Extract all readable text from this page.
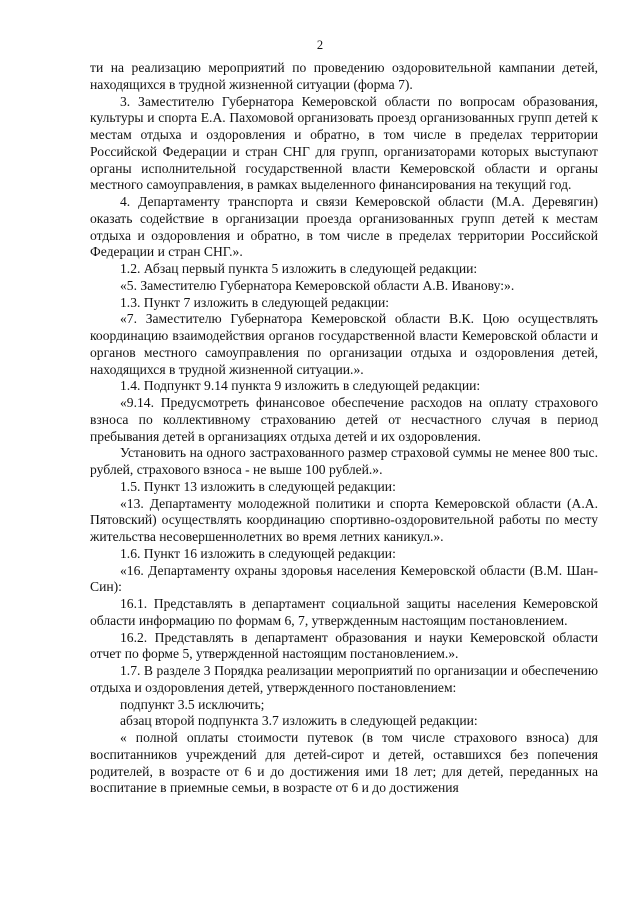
2

ти на реализацию мероприятий по проведению оздоровительной кампании детей, находящихся в трудной жизненной ситуации (форма 7).

3. Заместителю Губернатора Кемеровской области по вопросам образования, культуры и спорта Е.А. Пахомовой организовать проезд организованных групп детей к местам отдыха и оздоровления и обратно, в том числе в пределах территории Российской Федерации и стран СНГ для групп, организаторами которых выступают органы исполнительной государственной власти Кемеровской области и органы местного самоуправления, в рамках выделенного финансирования на текущий год.

4. Департаменту транспорта и связи Кемеровской области (М.А. Деревягин) оказать содействие в организации проезда организованных групп детей к местам отдыха и оздоровления и обратно, в том числе в пределах территории Российской Федерации и стран СНГ.».

1.2. Абзац первый пункта 5 изложить в следующей редакции:

«5. Заместителю Губернатора Кемеровской области А.В. Иванову:».

1.3. Пункт 7 изложить в следующей редакции:

«7. Заместителю Губернатора Кемеровской области В.К. Цою осуществлять координацию взаимодействия органов государственной власти Кемеровской области и органов местного самоуправления по организации отдыха и оздоровления детей, находящихся в трудной жизненной ситуации.».

1.4. Подпункт 9.14 пункта 9 изложить в следующей редакции:

«9.14. Предусмотреть финансовое обеспечение расходов на оплату страхового взноса по коллективному страхованию детей от несчастного случая в период пребывания детей в организациях отдыха детей и их оздоровления.

Установить на одного застрахованного размер страховой суммы не менее 800 тыс. рублей, страхового взноса - не выше 100 рублей.».

1.5. Пункт 13 изложить в следующей редакции:

«13. Департаменту молодежной политики и спорта Кемеровской области (А.А. Пятовский) осуществлять координацию спортивно-оздоровительной работы по месту жительства несовершеннолетних во время летних каникул.».

1.6. Пункт 16 изложить в следующей редакции:

«16. Департаменту охраны здоровья населения Кемеровской области (В.М. Шан-Син):

16.1. Представлять в департамент социальной защиты населения Кемеровской области информацию по формам 6, 7, утвержденным настоящим постановлением.

16.2. Представлять в департамент образования и науки Кемеровской области отчет по форме 5, утвержденной настоящим постановлением.».

1.7. В разделе 3 Порядка реализации мероприятий по организации и обеспечению отдыха и оздоровления детей, утвержденного постановлением:

подпункт 3.5 исключить;

абзац второй подпункта 3.7 изложить в следующей редакции:

« полной оплаты стоимости путевок (в том числе страхового взноса) для воспитанников учреждений для детей-сирот и детей, оставшихся без попечения родителей, в возрасте от 6 и до достижения ими 18 лет; для детей, переданных на воспитание в приемные семьи, в возрасте от 6 и до достижения
